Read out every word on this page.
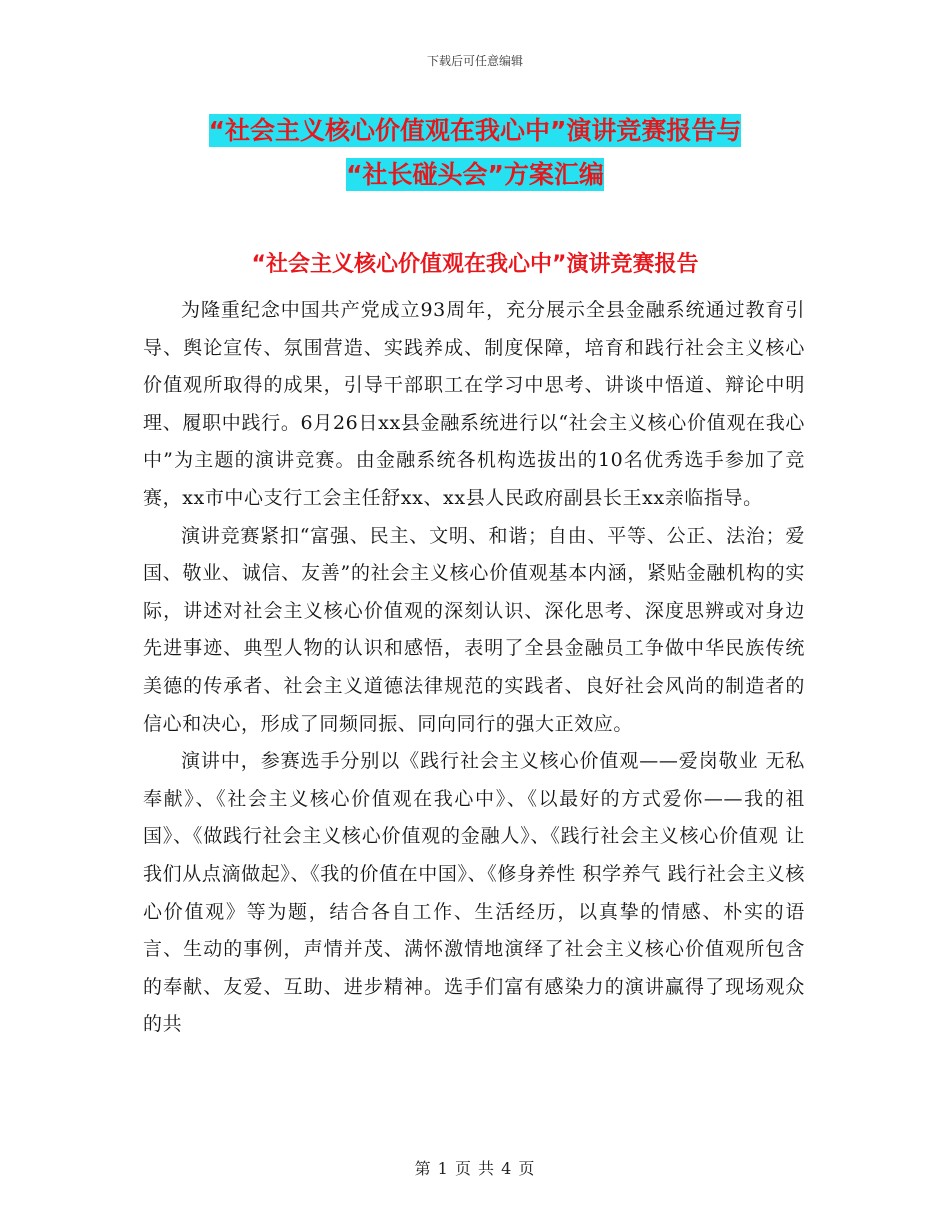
下载后可任意编辑
“社会主义核心价值观在我心中”演讲竞赛报告与
“社长碰头会”方案汇编
“社会主义核心价值观在我心中”演讲竞赛报告

为隆重纪念中国共产党成立93周年，充分展示全县金融系统通过教育引导、舆论宣传、氛围营造、实践养成、制度保障，培育和践行社会主义核心价值观所取得的成果，引导干部职工在学习中思考、讲谈中悟道、辩论中明理、履职中践行。6月26日xx县金融系统进行以“社会主义核心价值观在我心中”为主题的演讲竞赛。由金融系统各机构选拔出的10名优秀选手参加了竞赛，xx市中心支行工会主任舒xx、xx县人民政府副县长王xx亲临指导。

演讲竞赛紧扣“富强、民主、文明、和谐；自由、平等、公正、法治；爱国、敬业、诚信、友善”的社会主义核心价值观基本内涵，紧贴金融机构的实际，讲述对社会主义核心价值观的深刻认识、深化思考、深度思辨或对身边先进事迹、典型人物的认识和感悟，表明了全县金融员工争做中华民族传统美德的传承者、社会主义道德法律规范的实践者、良好社会风尚的制造者的信心和决心，形成了同频同振、同向同行的强大正效应。

演讲中，参赛选手分别以《践行社会主义核心价值观——爱岗敬业 无私奉献》、《社会主义核心价值观在我心中》、《以最好的方式爱你——我的祖国》、《做践行社会主义核心价值观的金融人》、《践行社会主义核心价值观 让我们从点滴做起》、《我的价值在中国》、《修身养性 积学养气 践行社会主义核心价值观》等为题，结合各自工作、生活经历，以真挚的情感、朴实的语言、生动的事例，声情并茂、满怀激情地演绎了社会主义核心价值观所包含的奉献、友爱、互助、进步精神。选手们富有感染力的演讲赢得了现场观众的共

第 1 页 共 4 页
